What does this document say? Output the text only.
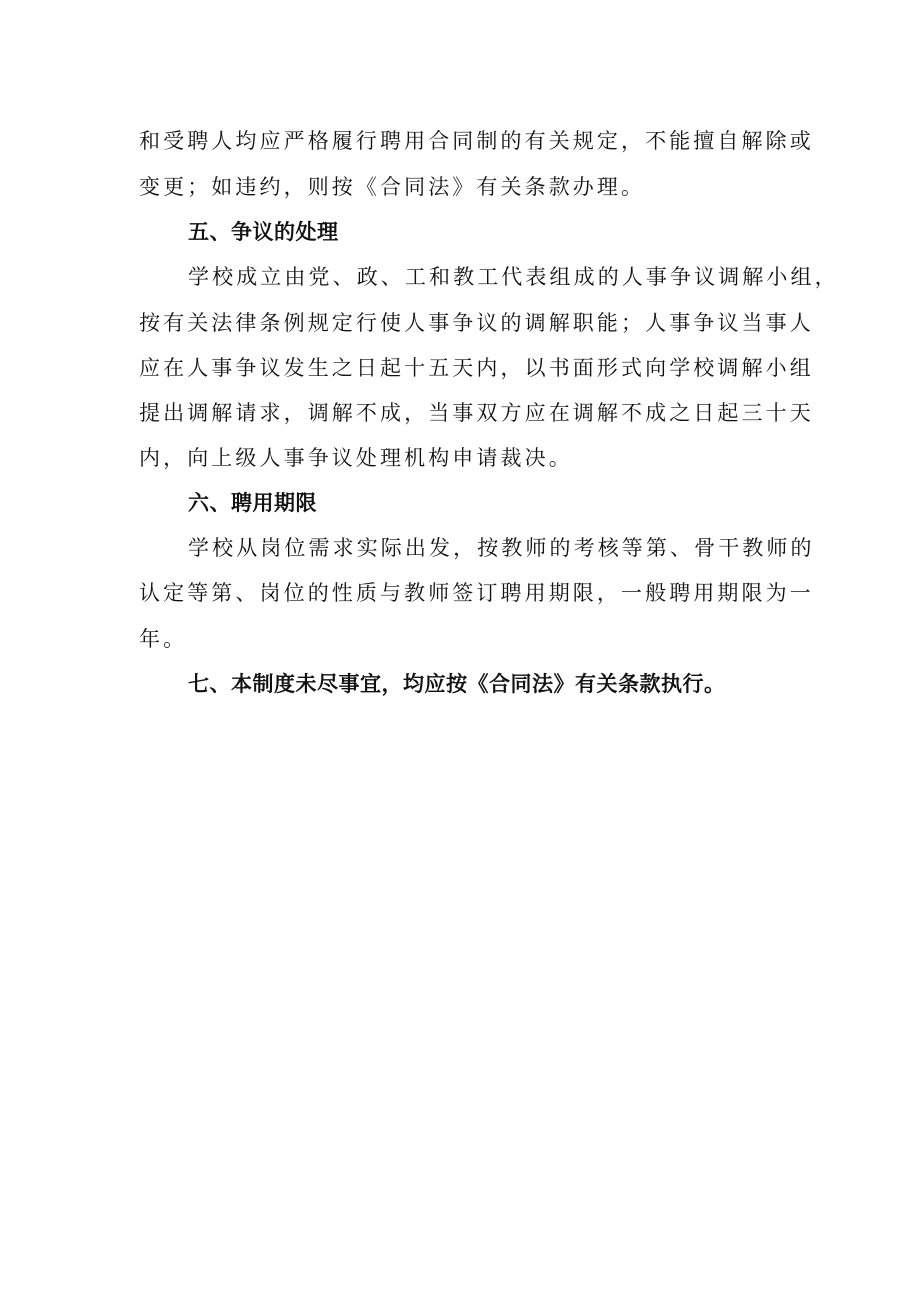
和受聘人均应严格履行聘用合同制的有关规定，不能擅自解除或
变更；如违约，则按《合同法》有关条款办理。
五、争议的处理
学校成立由党、政、工和教工代表组成的人事争议调解小组，
按有关法律条例规定行使人事争议的调解职能；人事争议当事人
应在人事争议发生之日起十五天内，以书面形式向学校调解小组
提出调解请求，调解不成，当事双方应在调解不成之日起三十天
内，向上级人事争议处理机构申请裁决。
六、聘用期限
学校从岗位需求实际出发，按教师的考核等第、骨干教师的
认定等第、岗位的性质与教师签订聘用期限，一般聘用期限为一
年。
七、本制度未尽事宜，均应按《合同法》有关条款执行。
